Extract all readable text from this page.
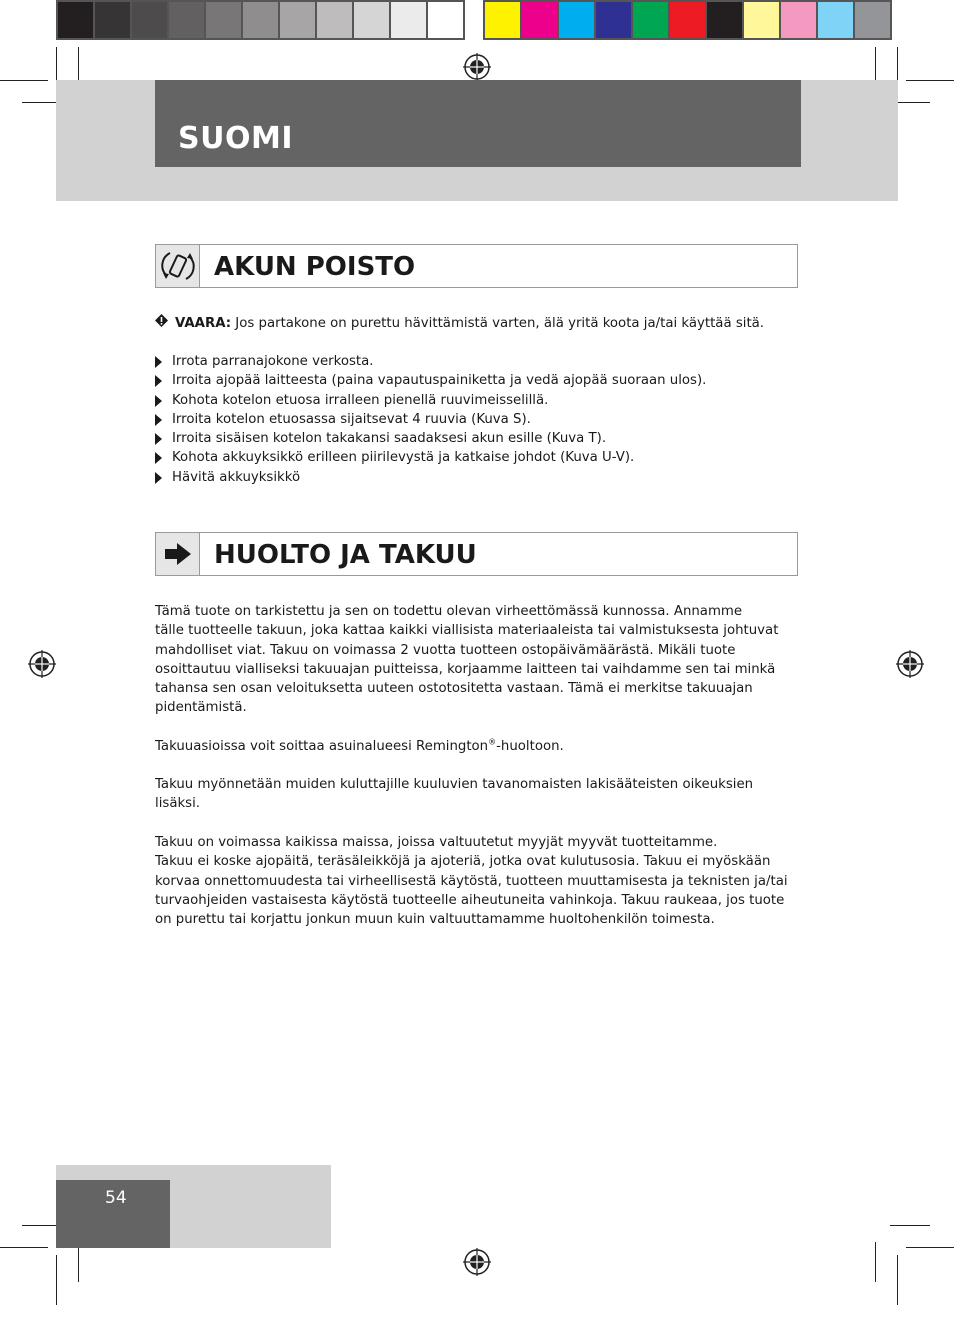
SUOMI
AKUN POISTO
VAARA: Jos partakone on purettu hävittämistä varten, älä yritä koota ja/tai käyttää sitä.
Irrota parranajokone verkosta.
Irroita ajopää laitteesta (paina vapautuspainiketta ja vedä ajopää suoraan ulos).
Kohota kotelon etuosa irralleen pienellä ruuvimeisselillä.
Irroita kotelon etuosassa sijaitsevat 4 ruuvia (Kuva S).
Irroita sisäisen kotelon takakansi saadaksesi akun esille (Kuva T).
Kohota akkuyksikkö erilleen piirilevystä ja katkaise johdot (Kuva U-V).
Hävitä akkuyksikkö
HUOLTO JA TAKUU

Tämä tuote on tarkistettu ja sen on todettu olevan virheettömässä kunnossa. Annamme

tälle tuotteelle takuun, joka kattaa kaikki viallisista materiaaleista tai valmistuksesta johtuvat

mahdolliset viat. Takuu on voimassa 2 vuotta tuotteen ostopäivämäärästä. Mikäli tuote

osoittautuu vialliseksi takuuajan puitteissa, korjaamme laitteen tai vaihdamme sen tai minkä

tahansa sen osan veloituksetta uuteen ostotositetta vastaan. Tämä ei merkitse takuuajan

pidentämistä.

Takuuasioissa voit soittaa asuinalueesi Remington®-huoltoon.

Takuu myönnetään muiden kuluttajille kuuluvien tavanomaisten lakisääteisten oikeuksien

lisäksi.

Takuu on voimassa kaikissa maissa, joissa valtuutetut myyjät myyvät tuotteitamme.

Takuu ei koske ajopäitä, teräsäleikköjä ja ajoteriä, jotka ovat kulutusosia. Takuu ei myöskään

korvaa onnettomuudesta tai virheellisestä käytöstä, tuotteen muuttamisesta ja teknisten ja/tai

turvaohjeiden vastaisesta käytöstä tuotteelle aiheutuneita vahinkoja. Takuu raukeaa, jos tuote

on purettu tai korjattu jonkun muun kuin valtuuttamamme huoltohenkilön toimesta.

54
